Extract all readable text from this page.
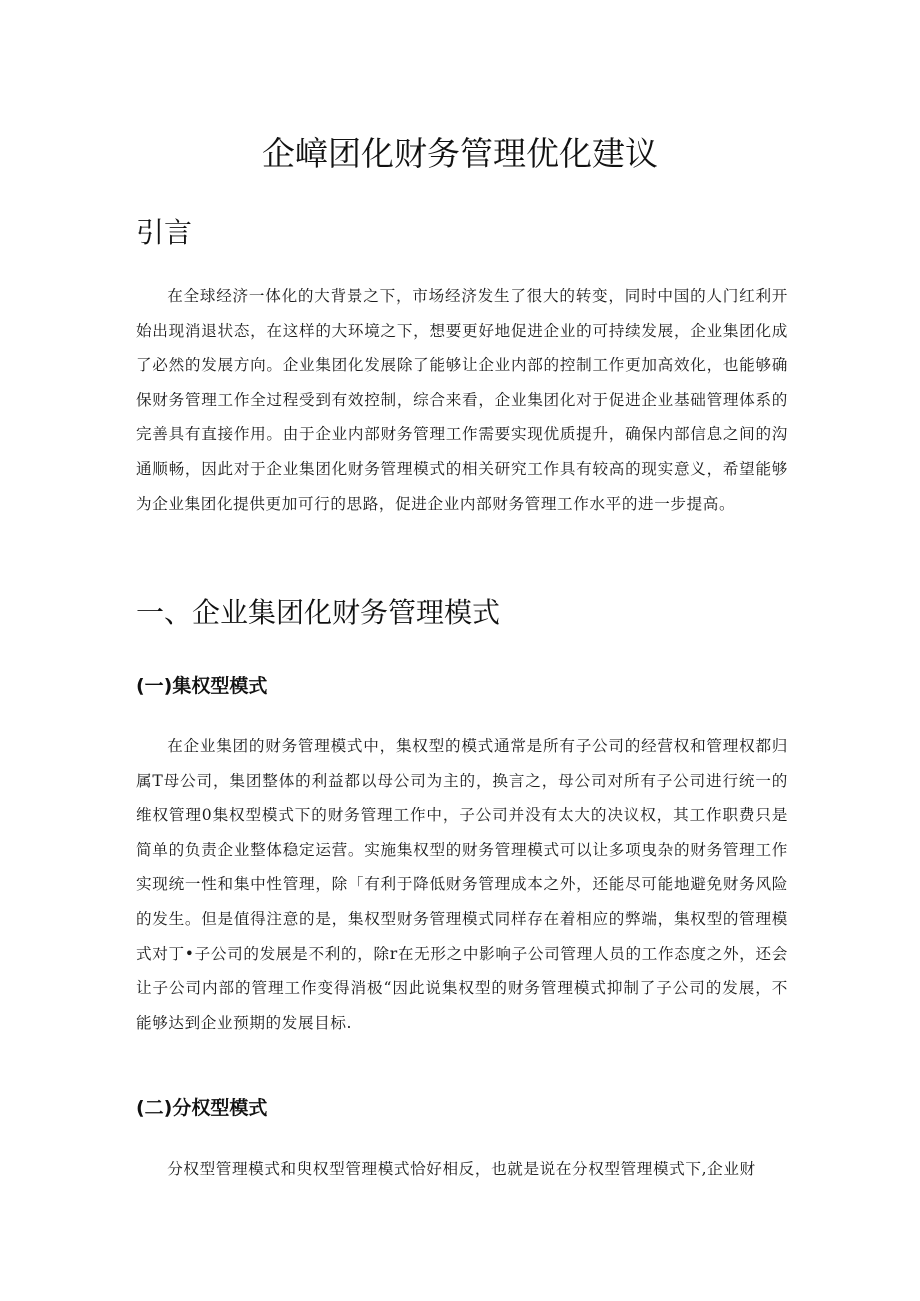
企嶂团化财务管理优化建议
引言

在全球经济一体化的大背景之下，市场经济发生了很大的转变，同时中国的人门红利开始出现消退状态，在这样的大环境之下，想要更好地促进企业的可持续发展，企业集团化成了必然的发展方向。企业集团化发展除了能够让企业内部的控制工作更加高效化，也能够确保财务管理工作全过程受到有效控制，综合来看，企业集团化对于促进企业基础管理体系的完善具有直接作用。由于企业内部财务管理工作需要实现优质提升，确保内部信息之间的沟通顺畅，因此对于企业集团化财务管理模式的相关研究工作具有较高的现实意义，希望能够为企业集团化提供更加可行的思路，促进企业内部财务管理工作水平的进一步提高。

一、企业集团化财务管理模式
(一)集权型模式

在企业集团的财务管理模式中，集权型的模式通常是所有子公司的经营权和管理权都归属T母公司，集团整体的利益都以母公司为主的，换言之，母公司对所有子公司进行统一的维权管理0集权型模式下的财务管理工作中，子公司并没有太大的决议权，其工作职费只是简单的负责企业整体稳定运营。实施集权型的财务管理模式可以让多项曳杂的财务管理工作实现统一性和集中性管理，除「有利于降低财务管理成本之外，还能尽可能地避免财务风险的发生。但是值得注意的是，集权型财务管理模式同样存在着相应的弊端，集权型的管理模式对丁•子公司的发展是不利的，除r在无形之中影响子公司管理人员的工作态度之外，还会让子公司内部的管理工作变得消极“因此说集权型的财务管理模式抑制了子公司的发展，不能够达到企业预期的发展目标.

(二)分权型模式

分权型管理模式和臾权型管理模式恰好相反，也就是说在分权型管理模式下,企业财
